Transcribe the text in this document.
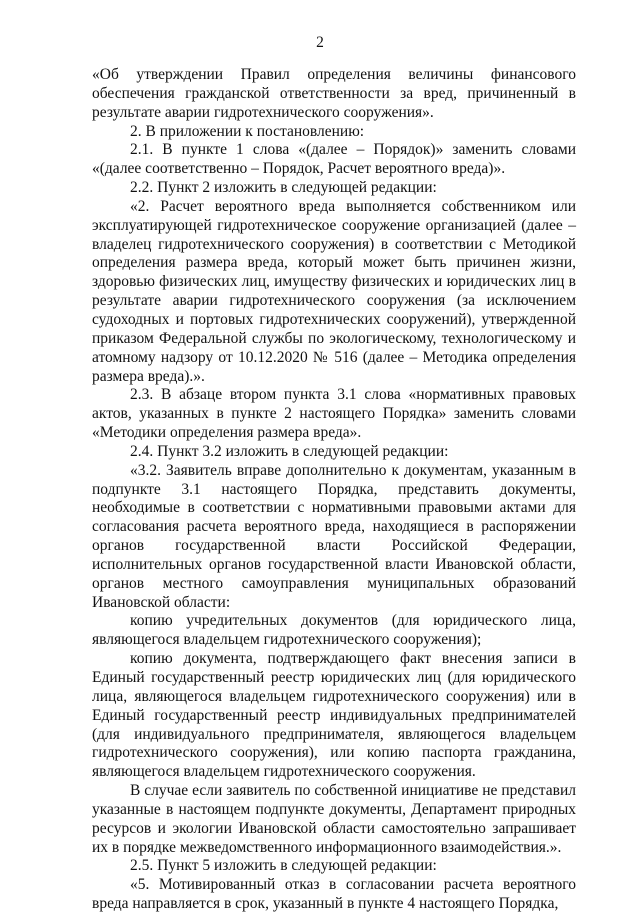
2

«Об утверждении Правил определения величины финансового обеспечения гражданской ответственности за вред, причиненный в результате аварии гидротехнического сооружения».

2. В приложении к постановлению:

2.1. В пункте 1 слова «(далее – Порядок)» заменить словами «(далее соответственно – Порядок, Расчет вероятного вреда)».

2.2. Пункт 2 изложить в следующей редакции:

«2. Расчет вероятного вреда выполняется собственником или эксплуатирующей гидротехническое сооружение организацией (далее – владелец гидротехнического сооружения) в соответствии с Методикой определения размера вреда, который может быть причинен жизни, здоровью физических лиц, имуществу физических и юридических лиц в результате аварии гидротехнического сооружения (за исключением судоходных и портовых гидротехнических сооружений), утвержденной приказом Федеральной службы по экологическому, технологическому и атомному надзору от 10.12.2020 № 516 (далее – Методика определения размера вреда).».

2.3. В абзаце втором пункта 3.1 слова «нормативных правовых актов, указанных в пункте 2 настоящего Порядка» заменить словами «Методики определения размера вреда».

2.4. Пункт 3.2 изложить в следующей редакции:

«3.2. Заявитель вправе дополнительно к документам, указанным в подпункте 3.1 настоящего Порядка, представить документы, необходимые в соответствии с нормативными правовыми актами для согласования расчета вероятного вреда, находящиеся в распоряжении органов государственной власти Российской Федерации, исполнительных органов государственной власти Ивановской области, органов местного самоуправления муниципальных образований Ивановской области:

копию учредительных документов (для юридического лица, являющегося владельцем гидротехнического сооружения);

копию документа, подтверждающего факт внесения записи в Единый государственный реестр юридических лиц (для юридического лица, являющегося владельцем гидротехнического сооружения) или в Единый государственный реестр индивидуальных предпринимателей (для индивидуального предпринимателя, являющегося владельцем гидротехнического сооружения), или копию паспорта гражданина, являющегося владельцем гидротехнического сооружения.

В случае если заявитель по собственной инициативе не представил указанные в настоящем подпункте документы, Департамент природных ресурсов и экологии Ивановской области самостоятельно запрашивает их в порядке межведомственного информационного взаимодействия.».

2.5. Пункт 5 изложить в следующей редакции:

«5. Мотивированный отказ в согласовании расчета вероятного вреда направляется в срок, указанный в пункте 4 настоящего Порядка,
